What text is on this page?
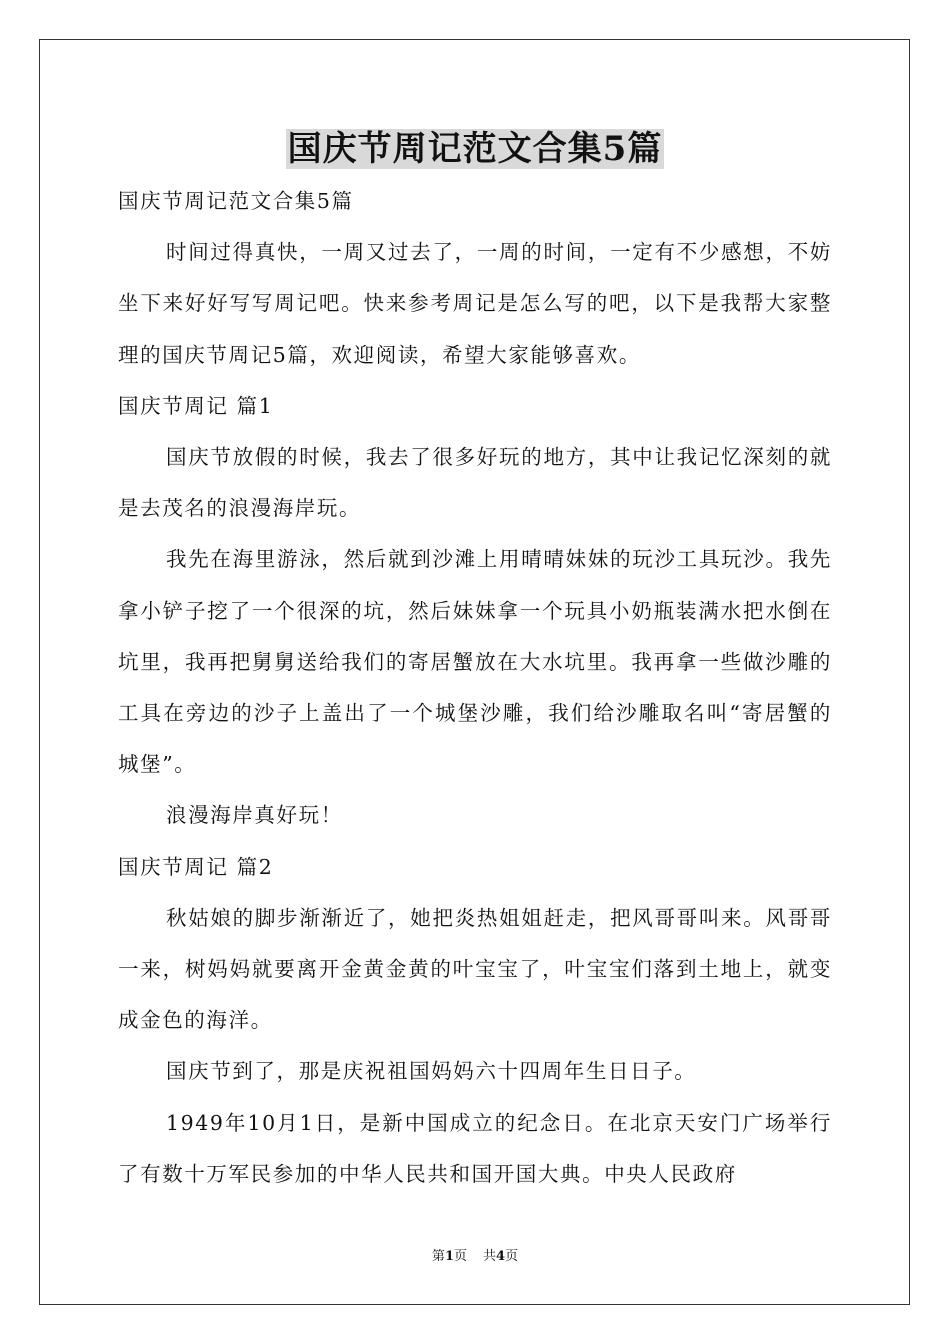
国庆节周记范文合集5篇

国庆节周记范文合集5篇

时间过得真快，一周又过去了，一周的时间，一定有不少感想，不妨坐下来好好写写周记吧。快来参考周记是怎么写的吧，以下是我帮大家整理的国庆节周记5篇，欢迎阅读，希望大家能够喜欢。

国庆节周记 篇1

国庆节放假的时候，我去了很多好玩的地方，其中让我记忆深刻的就是去茂名的浪漫海岸玩。

我先在海里游泳，然后就到沙滩上用晴晴妹妹的玩沙工具玩沙。我先拿小铲子挖了一个很深的坑，然后妹妹拿一个玩具小奶瓶装满水把水倒在坑里，我再把舅舅送给我们的寄居蟹放在大水坑里。我再拿一些做沙雕的工具在旁边的沙子上盖出了一个城堡沙雕，我们给沙雕取名叫“寄居蟹的城堡”。

浪漫海岸真好玩！

国庆节周记 篇2

秋姑娘的脚步渐渐近了，她把炎热姐姐赶走，把风哥哥叫来。风哥哥一来，树妈妈就要离开金黄金黄的叶宝宝了，叶宝宝们落到土地上，就变成金色的海洋。

国庆节到了，那是庆祝祖国妈妈六十四周年生日日子。

1949年10月1日，是新中国成立的纪念日。在北京天安门广场举行了有数十万军民参加的中华人民共和国开国大典。中央人民政府

第1页 共4页
